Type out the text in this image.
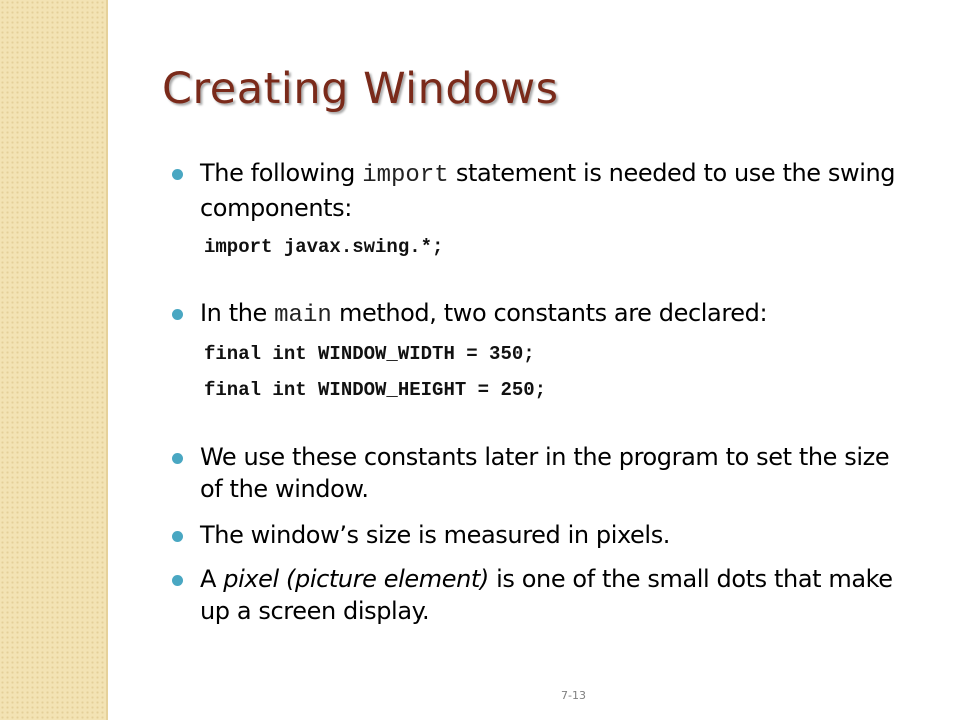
Creating Windows
The following import statement is needed to use the swing components:
import javax.swing.*;
In the main method, two constants are declared:
final int WINDOW_WIDTH = 350;
final int WINDOW_HEIGHT = 250;
We use these constants later in the program to set the size of the window.
The window’s size is measured in pixels.
A pixel (picture element) is one of the small dots that make up a screen display.
7-13
